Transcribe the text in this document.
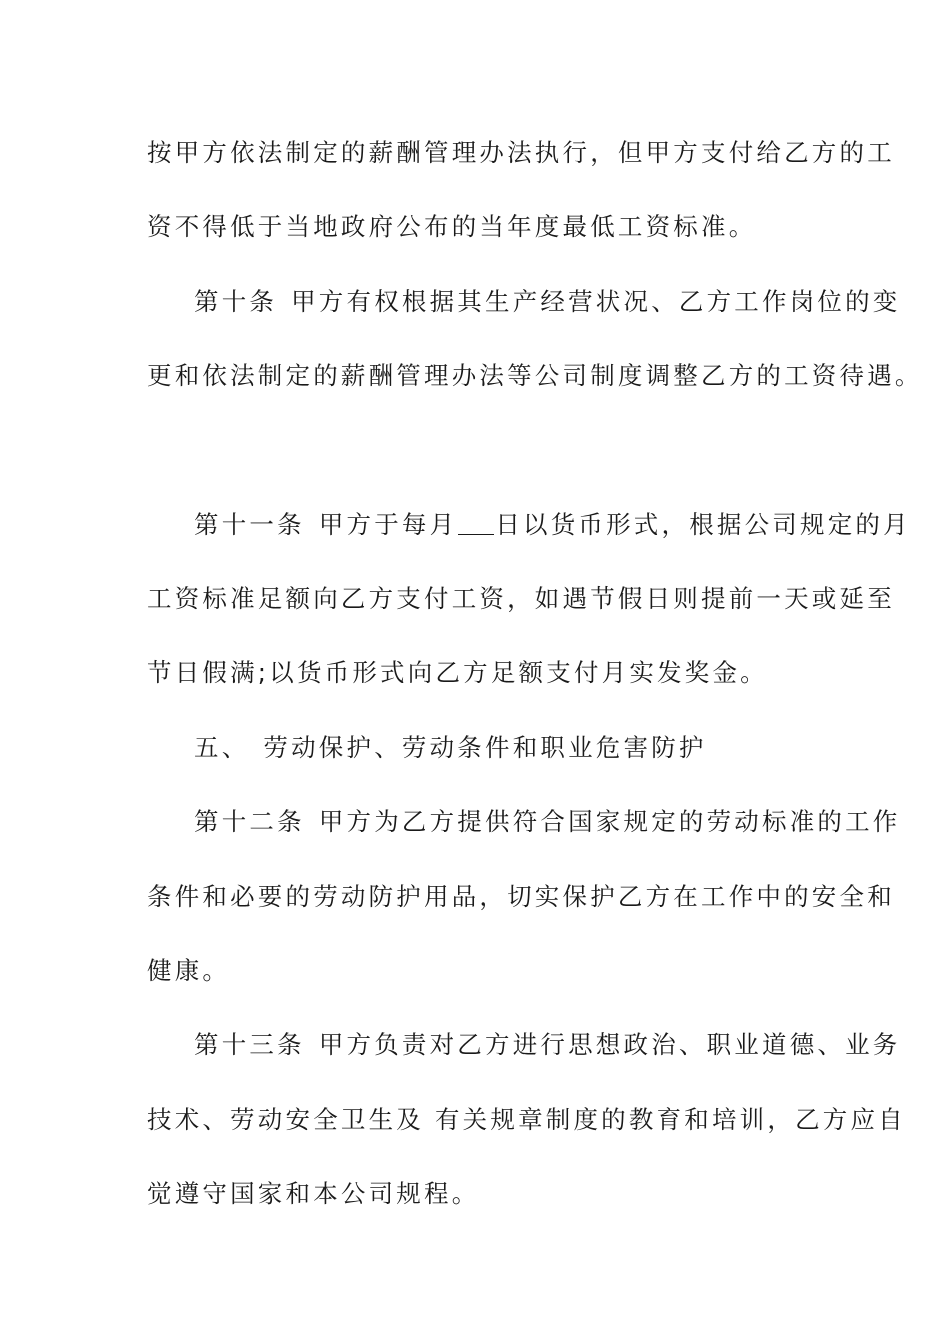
按甲方依法制定的薪酬管理办法执行，但甲方支付给乙方的工
资不得低于当地政府公布的当年度最低工资标准。
第十条 甲方有权根据其生产经营状况、乙方工作岗位的变
更和依法制定的薪酬管理办法等公司制度调整乙方的工资待遇。
第十一条 甲方于每月 日以货币形式，根据公司规定的月
工资标准足额向乙方支付工资，如遇节假日则提前一天或延至
节日假满;以货币形式向乙方足额支付月实发奖金。
五、 劳动保护、劳动条件和职业危害防护
第十二条 甲方为乙方提供符合国家规定的劳动标准的工作
条件和必要的劳动防护用品，切实保护乙方在工作中的安全和
健康。
第十三条 甲方负责对乙方进行思想政治、职业道德、业务
技术、劳动安全卫生及 有关规章制度的教育和培训，乙方应自
觉遵守国家和本公司规程。
